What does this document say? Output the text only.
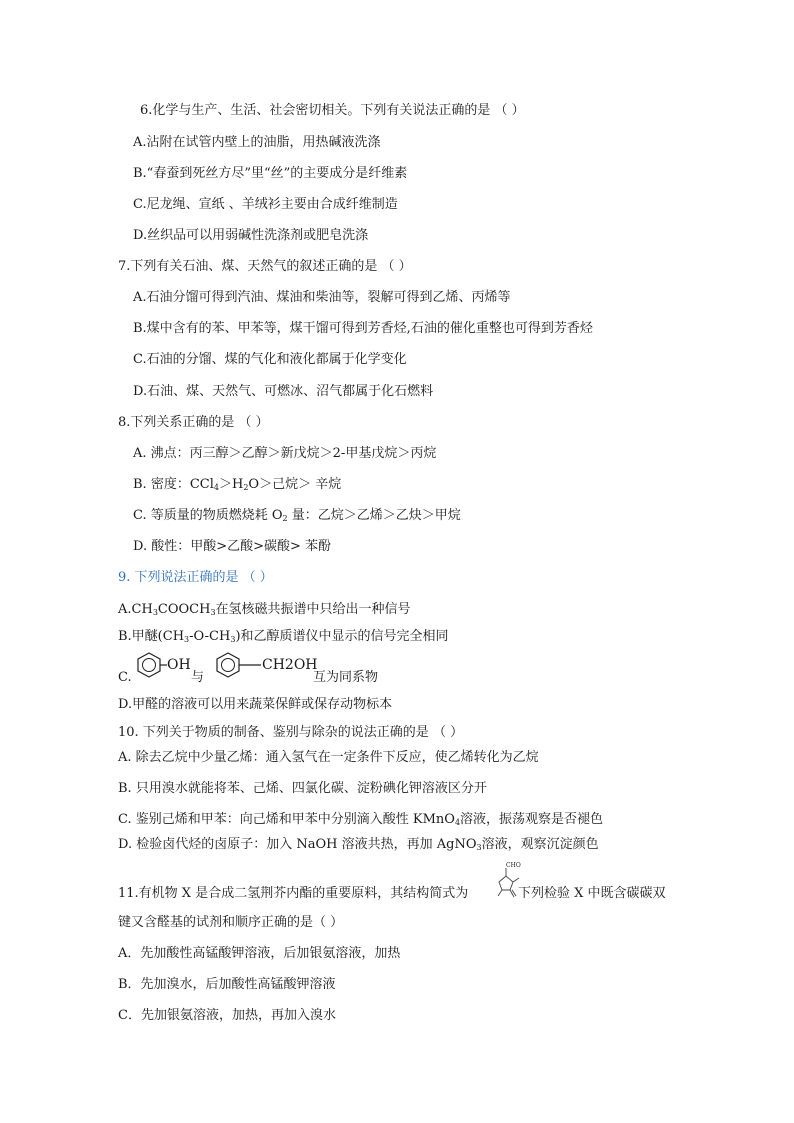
6.化学与生产、生活、社会密切相关。下列有关说法正确的是 （ ）
A.沾附在试管内壁上的油脂，用热碱液洗涤
B.“春蚕到死丝方尽”里“丝”的主要成分是纤维素
C.尼龙绳、宣纸 、羊绒衫主要由合成纤维制造
D.丝织品可以用弱碱性洗涤剂或肥皂洗涤
7.下列有关石油、煤、天然气的叙述正确的是 （ ）
A.石油分馏可得到汽油、煤油和柴油等，裂解可得到乙烯、丙烯等
B.煤中含有的苯、甲苯等，煤干馏可得到芳香烃,石油的催化重整也可得到芳香烃
C.石油的分馏、煤的气化和液化都属于化学变化
D.石油、煤、天然气、可燃冰、沼气都属于化石燃料
8.下列关系正确的是 （ ）
A. 沸点：丙三醇＞乙醇＞新戊烷＞2-甲基戊烷＞丙烷
B. 密度：$CCl_4>H_2O>$己烷＞ 辛烷
C. 等质量的物质燃烧耗 $O_2$ 量：乙烷＞乙烯＞乙炔＞甲烷
D. 酸性：甲酸>乙酸>碳酸> 苯酚
9. 下列说法正确的是 （ ）
$A.CH_3COOCH_3$在氢核磁共振谱中只给出一种信号
B.甲醚$(CH_3-O-CH_3)$和乙醇质谱仪中显示的信号完全相同
C.
OH
与
CH2OH
互为同系物
D.甲醛的溶液可以用来蔬菜保鲜或保存动物标本
10. 下列关于物质的制备、鉴别与除杂的说法正确的是 （ ）
A. 除去乙烷中少量乙烯：通入氢气在一定条件下反应，使乙烯转化为乙烷
B. 只用溴水就能将苯、己烯、四氯化碳、淀粉碘化钾溶液区分开
C. 鉴别己烯和甲苯：向己烯和甲苯中分别滴入酸性 KMnO$_4$溶液，振荡观察是否褪色
D. 检验卤代烃的卤原子：加入 NaOH 溶液共热，再加 AgNO$_3$溶液，观察沉淀颜色
11.有机物 X 是合成二氢荆芥内酯的重要原料，其结构简式为
CHO
下列检验 X 中既含碳碳双
键又含醛基的试剂和顺序正确的是（ ）
A．先加酸性高锰酸钾溶液，后加银氨溶液，加热
B．先加溴水，后加酸性高锰酸钾溶液
C．先加银氨溶液，加热，再加入溴水
